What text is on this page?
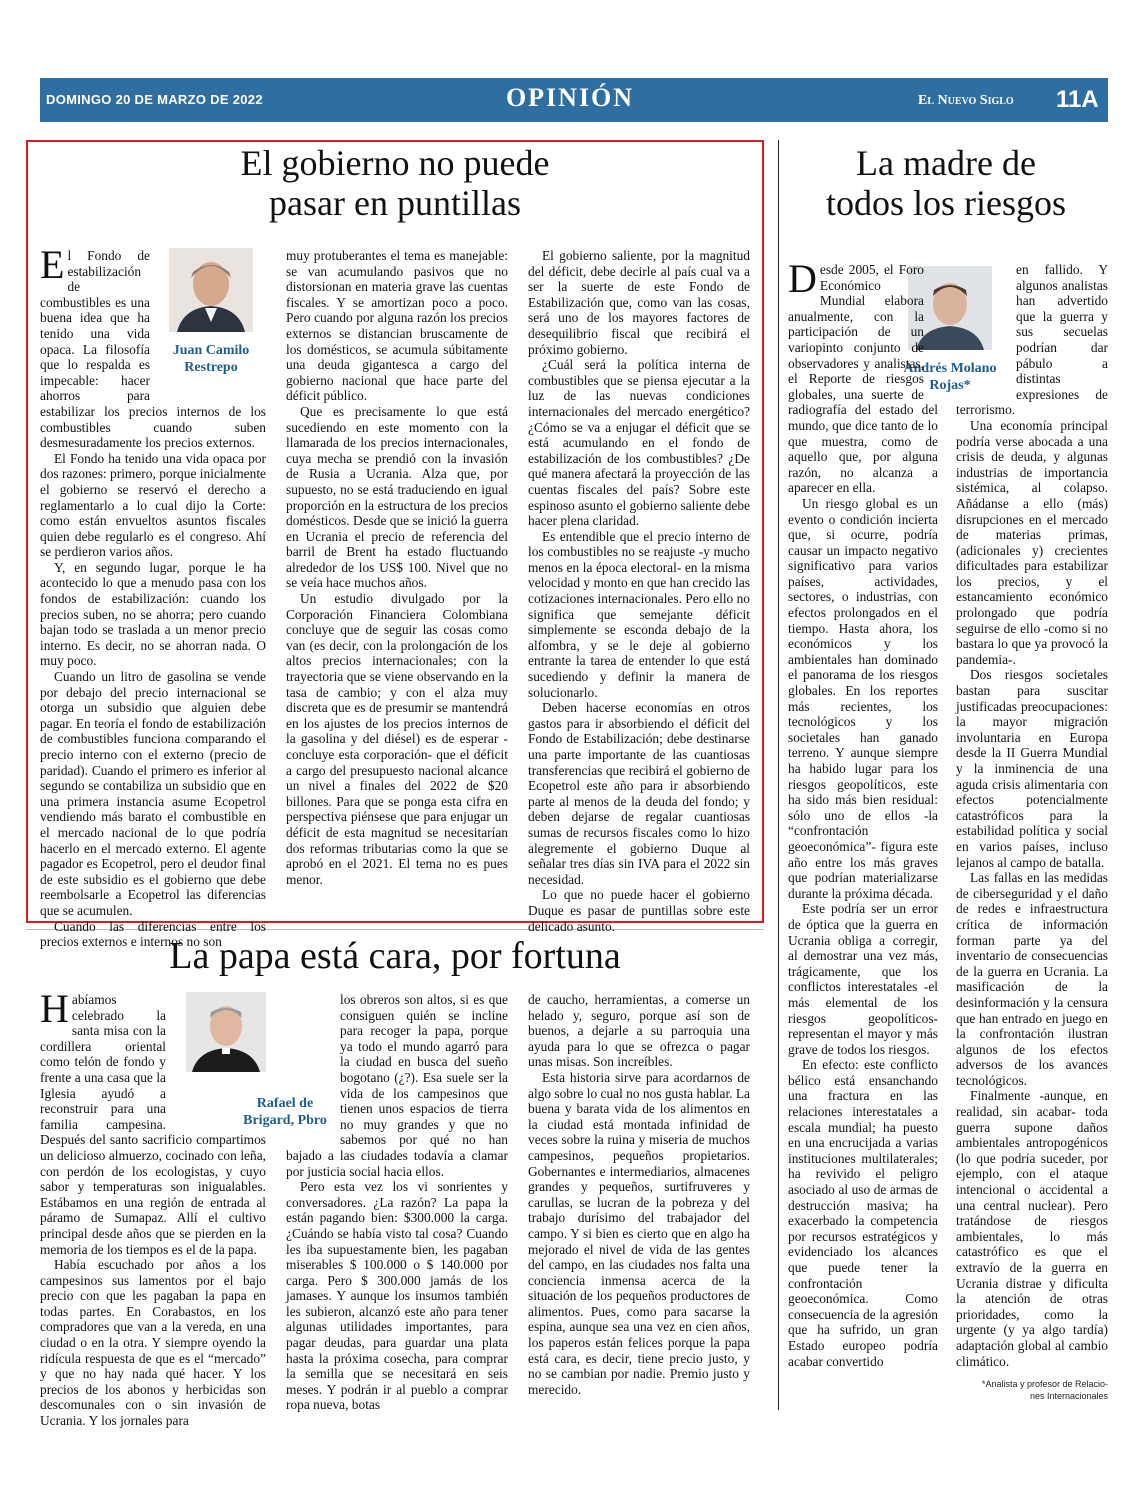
DOMINGO 20 DE MARZO DE 2022	OPINIÓN	El Nuevo Siglo 11A
El gobierno no puede
pasar en puntillas
Juan Camilo
Restrepo

El Fondo de estabilización de combustibles es una buena idea que ha tenido una vida opaca. La filosofía que lo respalda es impecable: hacer ahorros para estabilizar los precios internos de los combustibles cuando suben desmesuradamente los precios externos.

El Fondo ha tenido una vida opaca por dos razones: primero, porque inicialmente el gobierno se reservó el derecho a reglamentarlo a lo cual dijo la Corte: como están envueltos asuntos fiscales quien debe regularlo es el congreso. Ahí se perdieron varios años.

Y, en segundo lugar, porque le ha acontecido lo que a menudo pasa con los fondos de estabilización: cuando los precios suben, no se ahorra; pero cuando bajan todo se traslada a un menor precio interno. Es decir, no se ahorran nada. O muy poco.

Cuando un litro de gasolina se vende por debajo del precio internacional se otorga un subsidio que alguien debe pagar. En teoría el fondo de estabilización de combustibles funciona comparando el precio interno con el externo (precio de paridad). Cuando el primero es inferior al segundo se contabiliza un subsidio que en una primera instancia asume Ecopetrol vendiendo más barato el combustible en el mercado nacional de lo que podría hacerlo en el mercado externo. El agente pagador es Ecopetrol, pero el deudor final de este subsidio es el gobierno que debe reembolsarle a Ecopetrol las diferencias que se acumulen.

Cuando las diferencias entre los precios externos e internos no son

muy protuberantes el tema es manejable: se van acumulando pasivos que no distorsionan en materia grave las cuentas fiscales. Y se amortizan poco a poco. Pero cuando por alguna razón los precios externos se distancian bruscamente de los domésticos, se acumula súbitamente una deuda gigantesca a cargo del gobierno nacional que hace parte del déficit público.

Que es precisamente lo que está sucediendo en este momento con la llamarada de los precios internacionales, cuya mecha se prendió con la invasión de Rusia a Ucrania. Alza que, por supuesto, no se está traduciendo en igual proporción en la estructura de los precios domésticos. Desde que se inició la guerra en Ucrania el precio de referencia del barril de Brent ha estado fluctuando alrededor de los US$ 100. Nivel que no se veía hace muchos años.

Un estudio divulgado por la Corporación Financiera Colombiana concluye que de seguir las cosas como van (es decir, con la prolongación de los altos precios internacionales; con la trayectoria que se viene observando en la tasa de cambio; y con el alza muy discreta que es de presumir se mantendrá en los ajustes de los precios internos de la gasolina y del diésel) es de esperar -concluye esta corporación- que el déficit a cargo del presupuesto nacional alcance un nivel a finales del 2022 de $20 billones. Para que se ponga esta cifra en perspectiva piénsese que para enjugar un déficit de esta magnitud se necesitarían dos reformas tributarias como la que se aprobó en el 2021. El tema no es pues menor.

El gobierno saliente, por la magnitud del déficit, debe decirle al país cual va a ser la suerte de este Fondo de Estabilización que, como van las cosas, será uno de los mayores factores de desequilibrio fiscal que recibirá el próximo gobierno.

¿Cuál será la política interna de combustibles que se piensa ejecutar a la luz de las nuevas condiciones internacionales del mercado energético? ¿Cómo se va a enjugar el déficit que se está acumulando en el fondo de estabilización de los combustibles? ¿De qué manera afectará la proyección de las cuentas fiscales del país? Sobre este espinoso asunto el gobierno saliente debe hacer plena claridad.

Es entendible que el precio interno de los combustibles no se reajuste -y mucho menos en la época electoral- en la misma velocidad y monto en que han crecido las cotizaciones internacionales. Pero ello no significa que semejante déficit simplemente se esconda debajo de la alfombra, y se le deje al gobierno entrante la tarea de entender lo que está sucediendo y definir la manera de solucionarlo.

Deben hacerse economías en otros gastos para ir absorbiendo el déficit del Fondo de Estabilización; debe destinarse una parte importante de las cuantiosas transferencias que recibirá el gobierno de Ecopetrol este año para ir absorbiendo parte al menos de la deuda del fondo; y deben dejarse de regalar cuantiosas sumas de recursos fiscales como lo hizo alegremente el gobierno Duque al señalar tres días sin IVA para el 2022 sin necesidad.

Lo que no puede hacer el gobierno Duque es pasar de puntillas sobre este delicado asunto.

La madre de
todos los riesgos
Andrés Molano
Rojas*

Desde 2005, el Foro Económico Mundial elabora anualmente, con la participación de un variopinto conjunto de observadores y analistas, el Reporte de riesgos globales, una suerte de radiografía del estado del mundo, que dice tanto de lo que muestra, como de aquello que, por alguna razón, no alcanza a aparecer en ella.

Un riesgo global es un evento o condición incierta que, si ocurre, podría causar un impacto negativo significativo para varios países, actividades, sectores, o industrias, con efectos prolongados en el tiempo. Hasta ahora, los económicos y los ambientales han dominado el panorama de los riesgos globales. En los reportes más recientes, los tecnológicos y los societales han ganado terreno. Y aunque siempre ha habido lugar para los riesgos geopolíticos, este ha sido más bien residual: sólo uno de ellos -la “confrontación geoeconómica”- figura este año entre los más graves que podrían materializarse durante la próxima década.

Este podría ser un error de óptica que la guerra en Ucrania obliga a corregir, al demostrar una vez más, trágicamente, que los conflictos interestatales -el más elemental de los riesgos geopolíticos- representan el mayor y más grave de todos los riesgos.

En efecto: este conflicto bélico está ensanchando una fractura en las relaciones interestatales a escala mundial; ha puesto en una encrucijada a varias instituciones multilaterales; ha revivido el peligro asociado al uso de armas de destrucción masiva; ha exacerbado la competencia por recursos estratégicos y evidenciado los alcances que puede tener la confrontación geoeconómica. Como consecuencia de la agresión que ha sufrido, un gran Estado europeo podría acabar convertido

en fallido. Y algunos analistas han advertido que la guerra y sus secuelas podrían dar pábulo a distintas expresiones de terrorismo.

Una economía principal podría verse abocada a una crisis de deuda, y algunas industrias de importancia sistémica, al colapso. Añádanse a ello (más) disrupciones en el mercado de materias primas, (adicionales y) crecientes dificultades para estabilizar los precios, y el estancamiento económico prolongado que podría seguirse de ello -como si no bastara lo que ya provocó la pandemia-.

Dos riesgos societales bastan para suscitar justificadas preocupaciones: la mayor migración involuntaria en Europa desde la II Guerra Mundial y la inminencia de una aguda crisis alimentaria con efectos potencialmente catastróficos para la estabilidad política y social en varios países, incluso lejanos al campo de batalla.

Las fallas en las medidas de ciberseguridad y el daño de redes e infraestructura crítica de información forman parte ya del inventario de consecuencias de la guerra en Ucrania. La masificación de la desinformación y la censura que han entrado en juego en la confrontación ilustran algunos de los efectos adversos de los avances tecnológicos.

Finalmente -aunque, en realidad, sin acabar- toda guerra supone daños ambientales antropogénicos (lo que podría suceder, por ejemplo, con el ataque intencional o accidental a una central nuclear). Pero tratándose de riesgos ambientales, lo más catastrófico es que el extravío de la guerra en Ucrania distrae y dificulta la atención de otras prioridades, como la urgente (y ya algo tardía) adaptación global al cambio climático.

*Analista y profesor de Relacio-
nes Internacionales
La papa está cara, por fortuna

Habíamos celebrado la santa misa con la cordillera oriental como telón de fondo y frente a una casa que la Iglesia ayudó a reconstruir para una familia campesina. Después del santo sacrificio compartimos un delicioso almuerzo, cocinado con leña, con perdón de los ecologistas, y cuyo sabor y temperaturas son inigualables. Estábamos en una región de entrada al páramo de Sumapaz. Allí el cultivo principal desde años que se pierden en la memoria de los tiempos es el de la papa.

Había escuchado por años a los campesinos sus lamentos por el bajo precio con que les pagaban la papa en todas partes. En Corabastos, en los compradores que van a la vereda, en una ciudad o en la otra. Y siempre oyendo la ridícula respuesta de que es el “mercado” y que no hay nada qué hacer. Y los precios de los abonos y herbicidas son descomunales con o sin invasión de Ucrania. Y los jornales para

Rafael de
Brigard, Pbro

los obreros son altos, si es que consiguen quién se incline para recoger la papa, porque ya todo el mundo agarró para la ciudad en busca del sueño bogotano (¿?). Esa suele ser la vida de los campesinos que tienen unos espacios de tierra no muy grandes y que no sabemos por qué no han bajado a las ciudades todavía a clamar por justicia social hacia ellos.

Pero esta vez los vi sonrientes y conversadores. ¿La razón? La papa la están pagando bien: $300.000 la carga. ¿Cuándo se había visto tal cosa? Cuando les iba supuestamente bien, les pagaban miserables $ 100.000 o $ 140.000 por carga. Pero $ 300.000 jamás de los jamases. Y aunque los insumos también les subieron, alcanzó este año para tener algunas utilidades importantes, para pagar deudas, para guardar una plata hasta la próxima cosecha, para comprar la semilla que se necesitará en seis meses. Y podrán ir al pueblo a comprar ropa nueva, botas

de caucho, herramientas, a comerse un helado y, seguro, porque así son de buenos, a dejarle a su parroquia una ayuda para lo que se ofrezca o pagar unas misas. Son increíbles.

Esta historia sirve para acordarnos de algo sobre lo cual no nos gusta hablar. La buena y barata vida de los alimentos en la ciudad está montada infinidad de veces sobre la ruina y miseria de muchos campesinos, pequeños propietarios. Gobernantes e intermediarios, almacenes grandes y pequeños, surtifruveres y carullas, se lucran de la pobreza y del trabajo durísimo del trabajador del campo. Y si bien es cierto que en algo ha mejorado el nivel de vida de las gentes del campo, en las ciudades nos falta una conciencia inmensa acerca de la situación de los pequeños productores de alimentos. Pues, como para sacarse la espina, aunque sea una vez en cien años, los paperos están felices porque la papa está cara, es decir, tiene precio justo, y no se cambian por nadie. Premio justo y merecido.
